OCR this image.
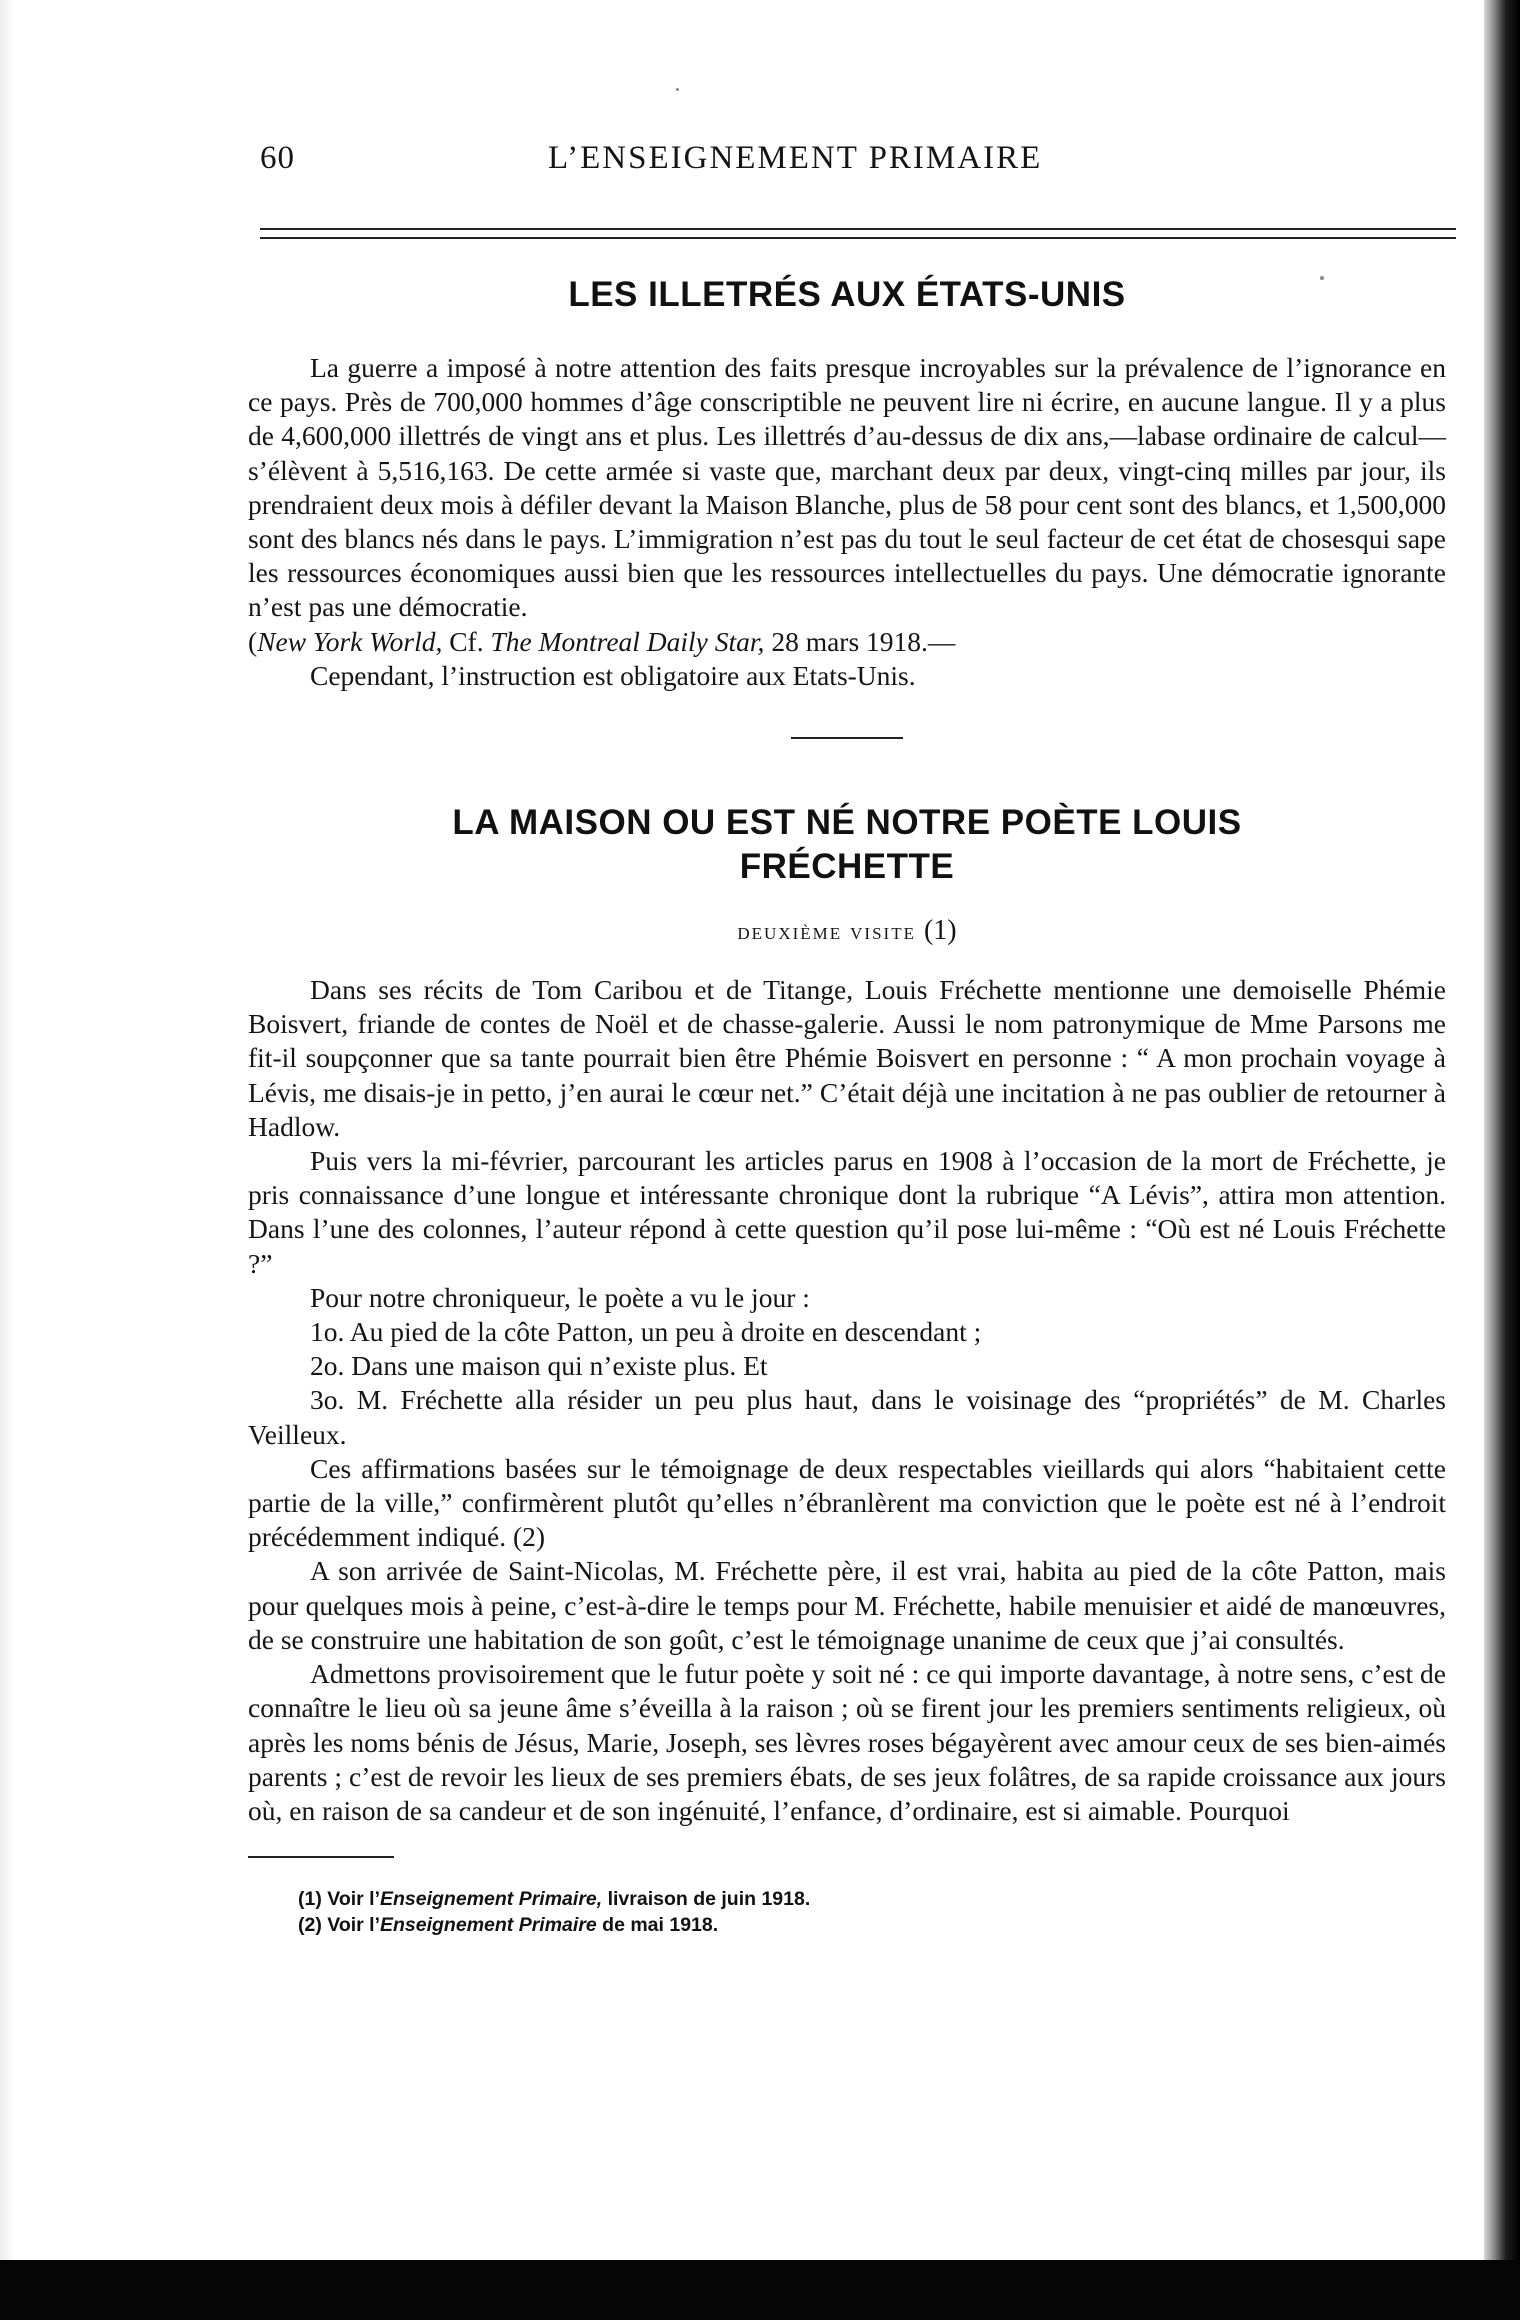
60	L’ENSEIGNEMENT PRIMAIRE
LES ILLETRÉS AUX ÉTATS-UNIS

La guerre a imposé à notre attention des faits presque incroyables sur la prévalence de l’ignorance en ce pays. Près de 700,000 hommes d’âge conscriptible ne peuvent lire ni écrire, en aucune langue. Il y a plus de 4,600,000 illettrés de vingt ans et plus. Les illettrés d’au-dessus de dix ans,—labase ordinaire de calcul—s’élèvent à 5,516,163. De cette armée si vaste que, marchant deux par deux, vingt-cinq milles par jour, ils prendraient deux mois à défiler devant la Maison Blanche, plus de 58 pour cent sont des blancs, et 1,500,000 sont des blancs nés dans le pays. L’immigration n’est pas du tout le seul facteur de cet état de chosesqui sape les ressources économiques aussi bien que les ressources intellectuelles du pays. Une démocratie ignorante n’est pas une démocratie.

(New York World, Cf. The Montreal Daily Star, 28 mars 1918.—

Cependant, l’instruction est obligatoire aux Etats-Unis.

LA MAISON OU EST NÉ NOTRE POÈTE LOUIS
FRÉCHETTE
deuxième visite (1)

Dans ses récits de Tom Caribou et de Titange, Louis Fréchette mentionne une demoiselle Phémie Boisvert, friande de contes de Noël et de chasse-galerie. Aussi le nom patronymique de Mme Parsons me fit-il soupçonner que sa tante pourrait bien être Phémie Boisvert en personne : “ A mon prochain voyage à Lévis, me disais-je in petto, j’en aurai le cœur net.” C’était déjà une incitation à ne pas oublier de retourner à Hadlow.

Puis vers la mi-février, parcourant les articles parus en 1908 à l’occasion de la mort de Fréchette, je pris connaissance d’une longue et intéressante chronique dont la rubrique “A Lévis”, attira mon attention. Dans l’une des colonnes, l’auteur répond à cette question qu’il pose lui-même : “Où est né Louis Fréchette ?”

Pour notre chroniqueur, le poète a vu le jour :

1o. Au pied de la côte Patton, un peu à droite en descendant ;

2o. Dans une maison qui n’existe plus. Et

3o. M. Fréchette alla résider un peu plus haut, dans le voisinage des “propriétés” de M. Charles Veilleux.

Ces affirmations basées sur le témoignage de deux respectables vieillards qui alors “habitaient cette partie de la ville,” confirmèrent plutôt qu’elles n’ébranlèrent ma conviction que le poète est né à l’endroit précédemment indiqué. (2)

A son arrivée de Saint-Nicolas, M. Fréchette père, il est vrai, habita au pied de la côte Patton, mais pour quelques mois à peine, c’est-à-dire le temps pour M. Fréchette, habile menuisier et aidé de manœuvres, de se construire une habitation de son goût, c’est le témoignage unanime de ceux que j’ai consultés.

Admettons provisoirement que le futur poète y soit né : ce qui importe davantage, à notre sens, c’est de connaître le lieu où sa jeune âme s’éveilla à la raison ; où se firent jour les premiers sentiments religieux, où après les noms bénis de Jésus, Marie, Joseph, ses lèvres roses bégayèrent avec amour ceux de ses bien-aimés parents ; c’est de revoir les lieux de ses premiers ébats, de ses jeux folâtres, de sa rapide croissance aux jours où, en raison de sa candeur et de son ingénuité, l’enfance, d’ordinaire, est si aimable. Pourquoi

(1) Voir l’Enseignement Primaire, livraison de juin 1918.
(2) Voir l’Enseignement Primaire de mai 1918.
